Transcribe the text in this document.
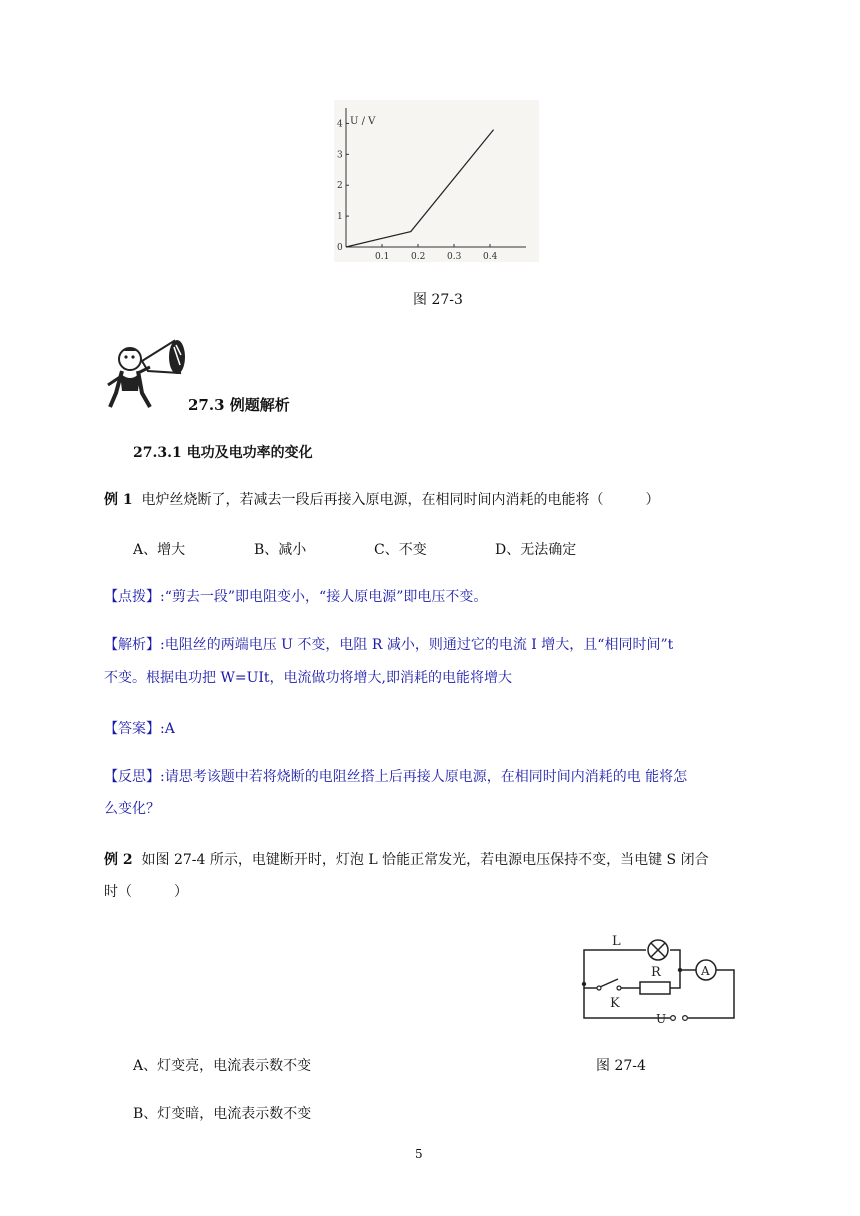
U / V
0
1
2
3
4
0.1 0.2 0.3 0.4
图 27-3
27.3 例题解析
27.3.1 电功及电功率的变化
例 1 电炉丝烧断了，若减去一段后再接入原电源，在相同时间内消耗的电能将（　　　）
A、增大	B、减小	C、不变	D、无法确定
【点拨】:“剪去一段”即电阻变小，“接人原电源”即电压不变。
【解析】:电阻丝的两端电压 U 不变，电阻 R 减小，则通过它的电流 I 增大，且“相同时间”t
不变。根据电功把 W=UIt，电流做功将增大,即消耗的电能将增大
【答案】:A
【反思】:请思考该题中若将烧断的电阻丝搭上后再接人原电源，在相同时间内消耗的电 能将怎
么变化？
例 2 如图 27-4 所示，电键断开时，灯泡 L 恰能正常发光，若电源电压保持不变，当电键 S 闭合
时（　　　）
L
R
K
A
U
A、灯变亮，电流表示数不变	图 27-4
B、灯变暗，电流表示数不变
5
